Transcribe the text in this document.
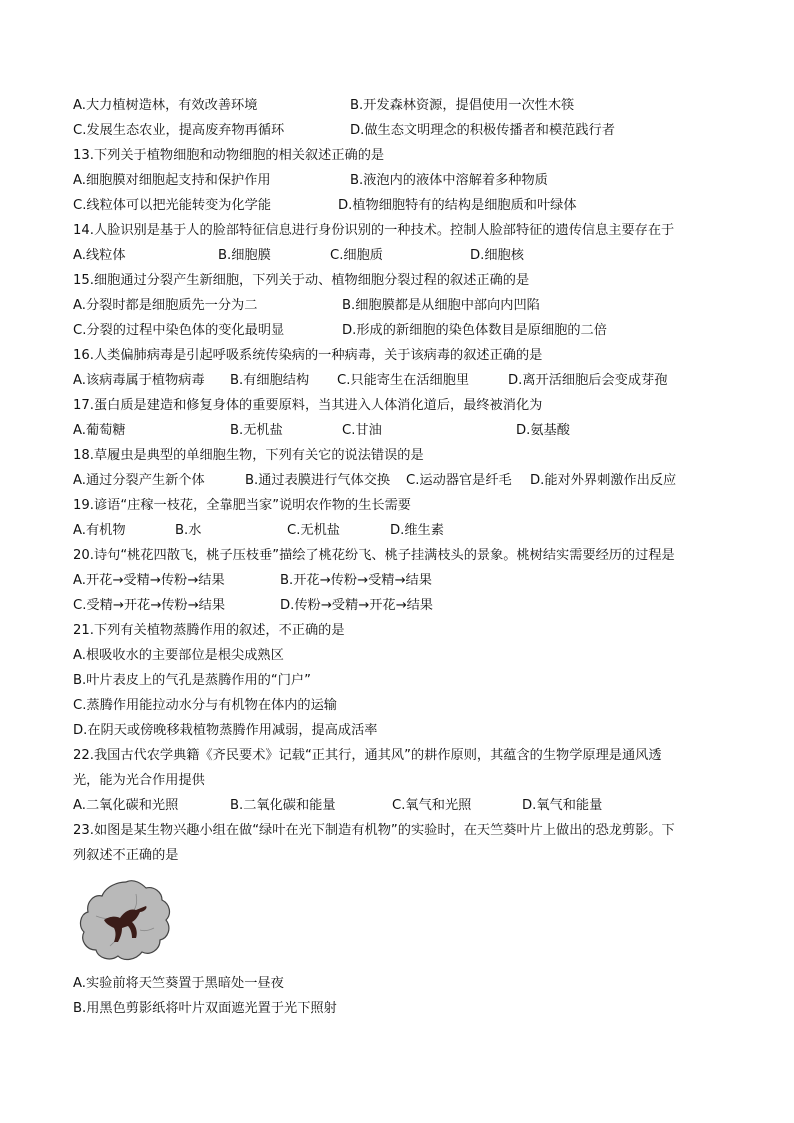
A.大力植树造林，有效改善环境	B.开发森林资源，提倡使用一次性木筷
C.发展生态农业，提高废弃物再循环	D.做生态文明理念的积极传播者和模范践行者
13.下列关于植物细胞和动物细胞的相关叙述正确的是
A.细胞膜对细胞起支持和保护作用	B.液泡内的液体中溶解着多种物质
C.线粒体可以把光能转变为化学能	D.植物细胞特有的结构是细胞质和叶绿体
14.人脸识别是基于人的脸部特征信息进行身份识别的一种技术。控制人脸部特征的遗传信息主要存在于
A.线粒体	B.细胞膜	C.细胞质	D.细胞核
15.细胞通过分裂产生新细胞，下列关于动、植物细胞分裂过程的叙述正确的是
A.分裂时都是细胞质先一分为二	B.细胞膜都是从细胞中部向内凹陷
C.分裂的过程中染色体的变化最明显	D.形成的新细胞的染色体数目是原细胞的二倍
16.人类偏肺病毒是引起呼吸系统传染病的一种病毒，关于该病毒的叙述正确的是
A.该病毒属于植物病毒 B.有细胞结构 C.只能寄生在活细胞里	D.离开活细胞后会变成芽孢
17.蛋白质是建造和修复身体的重要原料，当其进入人体消化道后，最终被消化为
A.葡萄糖	B.无机盐	C.甘油	D.氨基酸
18.草履虫是典型的单细胞生物，下列有关它的说法错误的是
A.通过分裂产生新个体	B.通过表膜进行气体交换 C.运动器官是纤毛 D.能对外界刺激作出反应
19.谚语“庄稼一枝花，全靠肥当家”说明农作物的生长需要
A.有机物	B.水	C.无机盐	D.维生素
20.诗句“桃花四散飞，桃子压枝垂”描绘了桃花纷飞、桃子挂满枝头的景象。桃树结实需要经历的过程是
A.开花→受精→传粉→结果	B.开花→传粉→受精→结果
C.受精→开花→传粉→结果	D.传粉→受精→开花→结果
21.下列有关植物蒸腾作用的叙述，不正确的是
A.根吸收水的主要部位是根尖成熟区
B.叶片表皮上的气孔是蒸腾作用的“门户”
C.蒸腾作用能拉动水分与有机物在体内的运输
D.在阴天或傍晚移栽植物蒸腾作用减弱，提高成活率
22.我国古代农学典籍《齐民要术》记载“正其行，通其风”的耕作原则，其蕴含的生物学原理是通风透
光，能为光合作用提供
A.二氧化碳和光照	B.二氧化碳和能量	C.氧气和光照	D.氧气和能量
23.如图是某生物兴趣小组在做“绿叶在光下制造有机物”的实验时，在天竺葵叶片上做出的恐龙剪影。下
列叙述不正确的是
A.实验前将天竺葵置于黑暗处一昼夜
B.用黑色剪影纸将叶片双面遮光置于光下照射
